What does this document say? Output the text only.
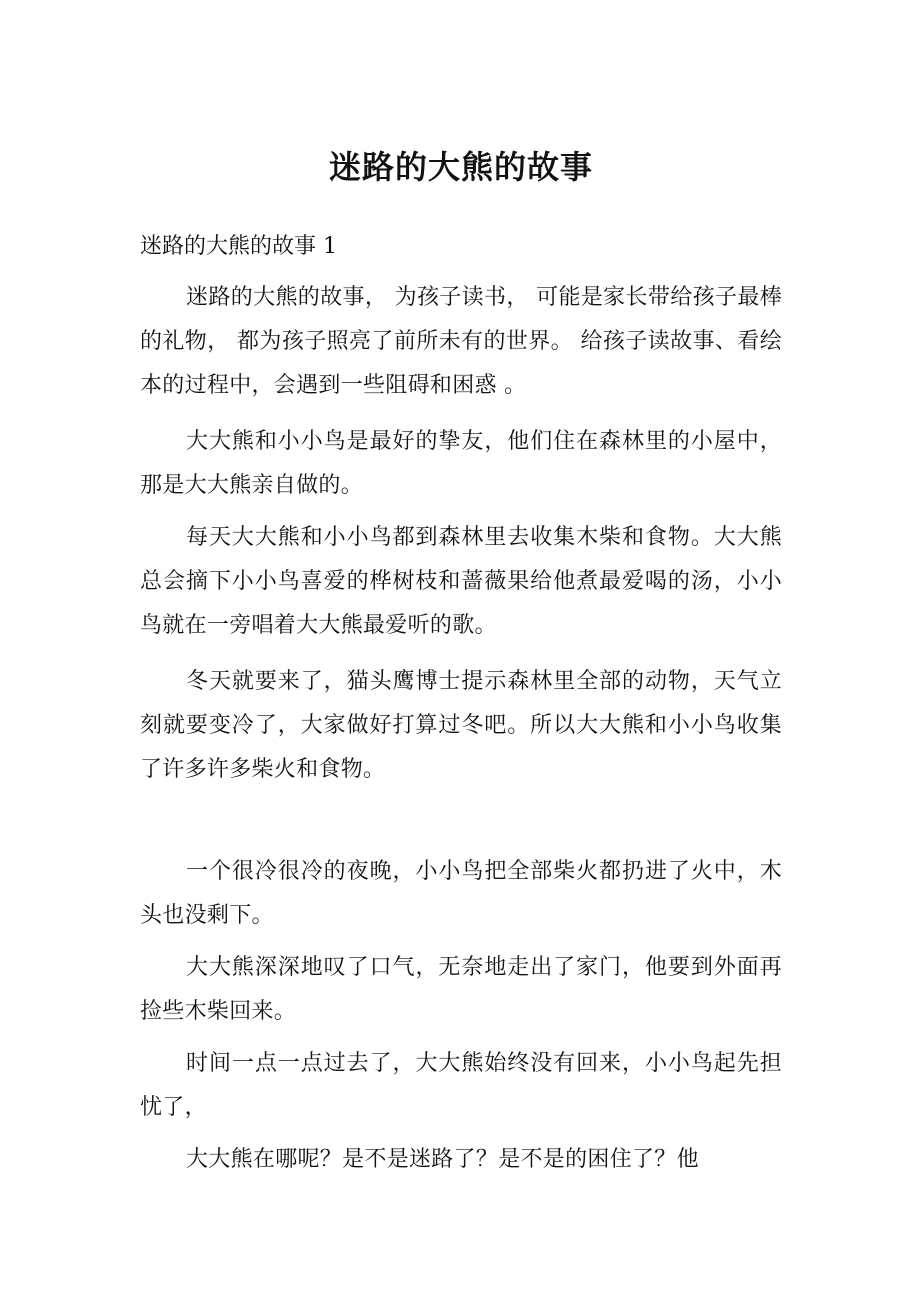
迷路的大熊的故事
迷路的大熊的故事 1

迷路的大熊的故事， 为孩子读书， 可能是家长带给孩子最棒的礼物， 都为孩子照亮了前所未有的世界。 给孩子读故事、看绘本的过程中，会遇到一些阻碍和困惑 。

大大熊和小小鸟是最好的挚友，他们住在森林里的小屋中，那是大大熊亲自做的。

每天大大熊和小小鸟都到森林里去收集木柴和食物。大大熊总会摘下小小鸟喜爱的桦树枝和蔷薇果给他煮最爱喝的汤，小小鸟就在一旁唱着大大熊最爱听的歌。

冬天就要来了，猫头鹰博士提示森林里全部的动物，天气立刻就要变冷了，大家做好打算过冬吧。所以大大熊和小小鸟收集了许多许多柴火和食物。

一个很冷很冷的夜晚，小小鸟把全部柴火都扔进了火中，木头也没剩下。

大大熊深深地叹了口气，无奈地走出了家门，他要到外面再捡些木柴回来。

时间一点一点过去了，大大熊始终没有回来，小小鸟起先担忧了，

大大熊在哪呢？是不是迷路了？是不是的困住了？他
